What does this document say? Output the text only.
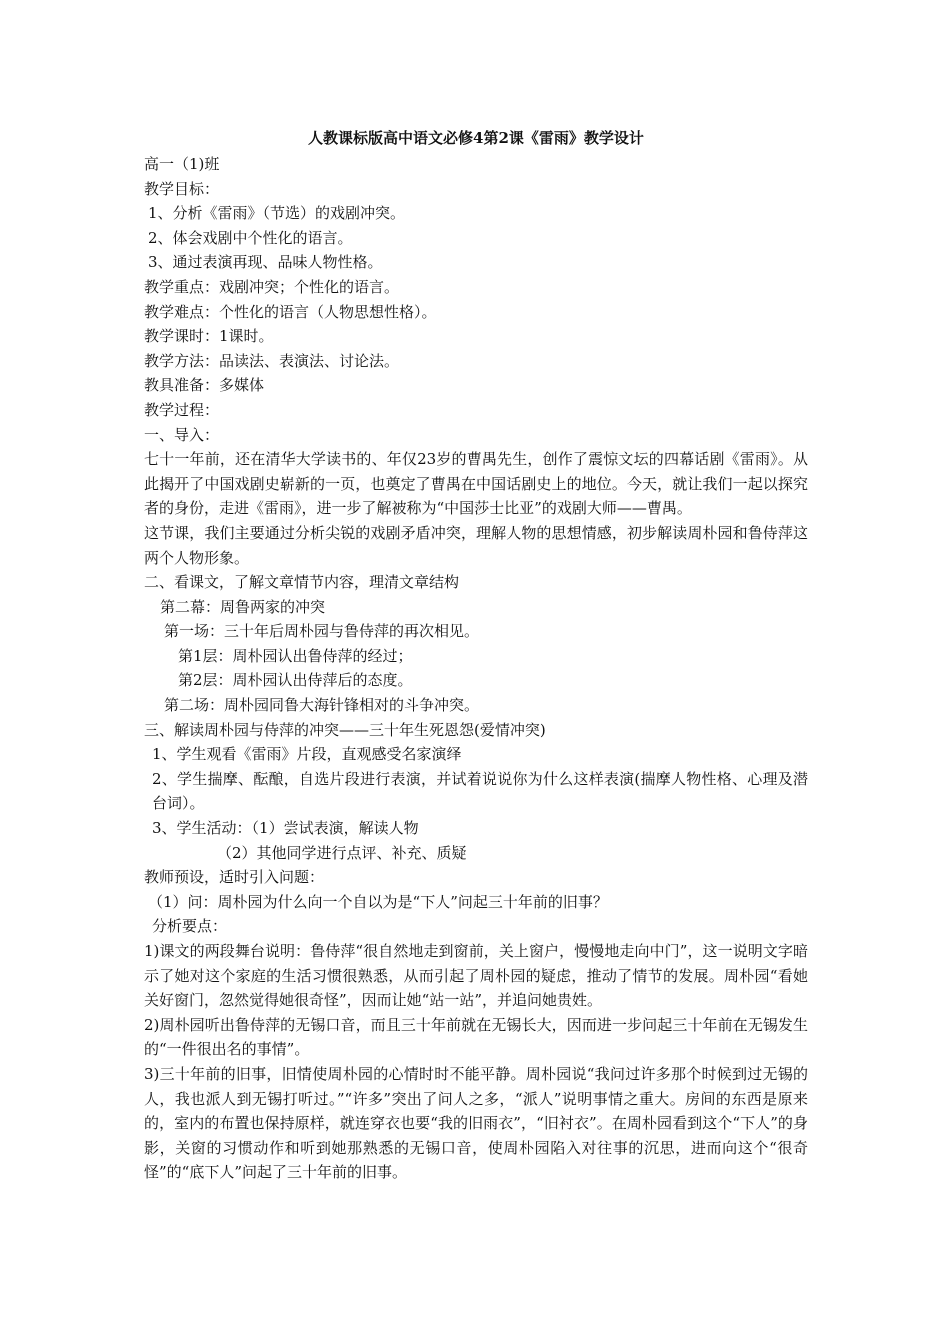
人教课标版高中语文必修4第2课《雷雨》教学设计
高一（1)班
教学目标：
1、分析《雷雨》（节选）的戏剧冲突。
2、体会戏剧中个性化的语言。
3、通过表演再现、品味人物性格。
教学重点：戏剧冲突；个性化的语言。
教学难点：个性化的语言（人物思想性格）。
教学课时：1课时。
教学方法：品读法、表演法、讨论法。
教具准备：多媒体
教学过程：
一、导入：
七十一年前，还在清华大学读书的、年仅23岁的曹禺先生，创作了震惊文坛的四幕话剧《雷雨》。从此揭开了中国戏剧史崭新的一页，也奠定了曹禺在中国话剧史上的地位。今天，就让我们一起以探究者的身份，走进《雷雨》，进一步了解被称为“中国莎士比亚”的戏剧大师——曹禺。
这节课，我们主要通过分析尖锐的戏剧矛盾冲突，理解人物的思想情感，初步解读周朴园和鲁侍萍这两个人物形象。
二、看课文，了解文章情节内容，理清文章结构
第二幕：周鲁两家的冲突
第一场：三十年后周朴园与鲁侍萍的再次相见。
第1层：周朴园认出鲁侍萍的经过；
第2层：周朴园认出侍萍后的态度。
第二场：周朴园同鲁大海针锋相对的斗争冲突。
三、解读周朴园与侍萍的冲突——三十年生死恩怨(爱情冲突)
1、学生观看《雷雨》片段，直观感受名家演绎
2、学生揣摩、酝酿，自选片段进行表演，并试着说说你为什么这样表演(揣摩人物性格、心理及潜台词）。
3、学生活动：（1）尝试表演，解读人物
（2）其他同学进行点评、补充、质疑
教师预设，适时引入问题：
（1）问：周朴园为什么向一个自以为是“下人”问起三十年前的旧事？
分析要点：
1)课文的两段舞台说明：鲁侍萍“很自然地走到窗前，关上窗户，慢慢地走向中门”，这一说明文字暗示了她对这个家庭的生活习惯很熟悉，从而引起了周朴园的疑虑，推动了情节的发展。周朴园“看她关好窗门，忽然觉得她很奇怪”，因而让她“站一站”，并追问她贵姓。
2)周朴园听出鲁侍萍的无锡口音，而且三十年前就在无锡长大，因而进一步问起三十年前在无锡发生的“一件很出名的事情”。
3)三十年前的旧事，旧情使周朴园的心情时时不能平静。周朴园说“我问过许多那个时候到过无锡的人，我也派人到无锡打听过。”“许多”突出了问人之多，“派人”说明事情之重大。房间的东西是原来的，室内的布置也保持原样，就连穿衣也要“我的旧雨衣”，“旧衬衣”。在周朴园看到这个“下人”的身影，关窗的习惯动作和听到她那熟悉的无锡口音，使周朴园陷入对往事的沉思，进而向这个“很奇怪”的“底下人”问起了三十年前的旧事。
